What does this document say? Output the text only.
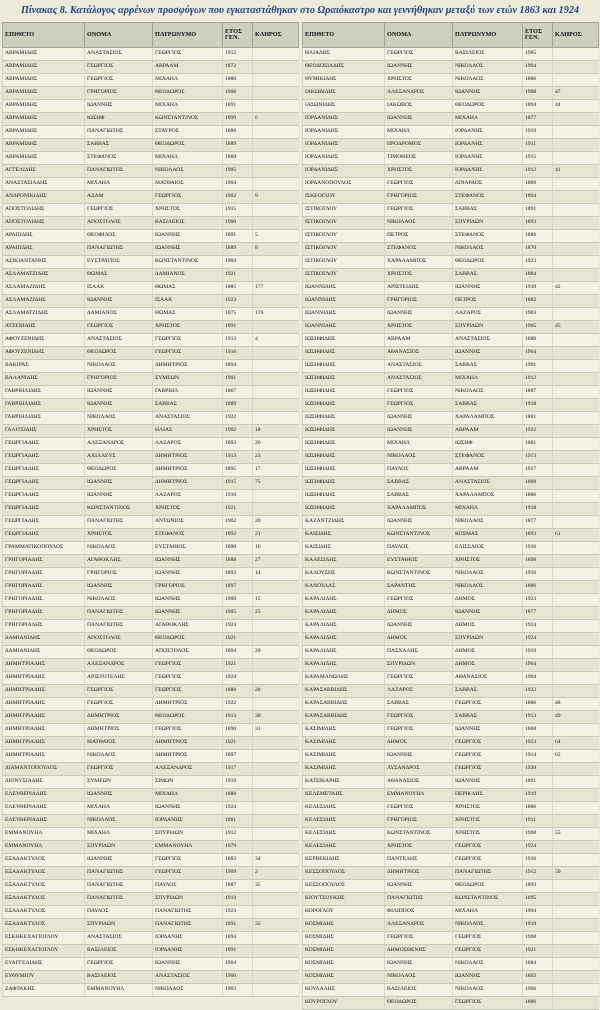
Πίνακας 8. Κατάλογος αρρένων προσφύγων που εγκαταστάθηκαν στο Ωραιόκαστρο και γεννήθηκαν μεταξύ των ετών 1863 και 1924
ΕΠΙΘΕΤΟ	ΟΝΟΜΑ	ΠΑΤΡΩΝΥΜΟ	ΕΤΟΣ ΓΕΝ.	ΚΛΗΡΟΣ
ΑΒΡΑΜΙΔΗΣ	ΑΝΑΣΤΑΣΙΟΣ	ΓΕΩΡΓΙΟΣ	1912	
ΑΒΡΑΜΙΔΗΣ	ΓΕΩΡΓΙΟΣ	ΑΒΡΑΑΜ	1872	
ΑΒΡΑΜΙΔΗΣ	ΓΕΩΡΓΙΟΣ	ΜΙΧΑΗΛ	1880	
ΑΒΡΑΜΙΔΗΣ	ΓΡΗΓΟΡΙΟΣ	ΘΕΟΔΩΡΟΣ	1906	
ΑΒΡΑΜΙΔΗΣ	ΙΩΑΝΝΗΣ	ΜΙΧΑΗΛ	1891	
ΑΒΡΑΜΙΔΗΣ	ΙΩΣΗΦ	ΚΩΝΣΤΑΝΤΙΝΟΣ	1899	6
ΑΒΡΑΜΙΔΗΣ	ΠΑΝΑΓΙΩΤΗΣ	ΣΤΑΥΡΟΣ	1886	
ΑΒΡΑΜΙΔΗΣ	ΣΑΒΒΑΣ	ΘΕΟΔΩΡΟΣ	1889	
ΑΒΡΑΜΙΔΗΣ	ΣΤΕΦΑΝΟΣ	ΜΙΧΑΗΛ	1869	
ΑΓΓΕΛΙΔΗΣ	ΠΑΝΑΓΙΩΤΗΣ	ΝΙΚΟΛΑΟΣ	1905	
ΑΝΑΣΤΑΣΙΑΔΗΣ	ΜΙΧΑΗΛ	ΜΑΤΘΑΙΟΣ	1904	
ΑΝΔΡΟΝΙΚΙΔΗΣ	ΑΔΑΜ	ΓΕΩΡΓΙΟΣ	1902	9
ΑΠΟΣΤΟΛΙΔΗΣ	ΓΕΩΡΓΙΟΣ	ΧΡΗΣΤΟΣ	1915	
ΑΠΟΣΤΟΛΙΔΗΣ	ΑΠΟΣΤΟΛΟΣ	ΒΑΣΙΛΕΙΟΣ	1900	
ΑΡΑΠΙΔΗΣ	ΘΕΟΦΙΛΟΣ	ΙΩΑΝΝΗΣ	1891	5
ΑΡΑΠΙΔΗΣ	ΠΑΝΑΓΙΩΤΗΣ	ΙΩΑΝΝΗΣ	1889	8
ΑΣΙΚΙΑΝΤΑΝΗΣ	ΕΥΣΤΡΑΤΙΟΣ	ΚΩΝΣΤΑΝΤΙΝΟΣ	1904	
ΑΣΛΑΜΑΤΖΙΔΗΣ	ΘΩΜΑΣ	ΔΑΜΙΑΝΟΣ	1921	
ΑΣΛΑΜΑΖΙΔΗΣ	ΙΣΑΑΚ	ΘΩΜΑΣ	1885	177
ΑΣΛΑΜΑΖΙΔΗΣ	ΙΩΑΝΝΗΣ	ΙΣΑΑΚ	1923	
ΑΣΛΑΜΑΤΖΙΔΗΣ	ΔΑΜΙΑΝΟΣ	ΘΩΜΑΣ	1875	176
ΑΤΖΕΝΙΔΗΣ	ΓΕΩΡΓΙΟΣ	ΧΡΗΣΤΟΣ	1891	
ΑΦΟΥΖΕΝΙΔΗΣ	ΑΝΑΣΤΑΣΙΟΣ	ΓΕΩΡΓΙΟΣ	1913	4
ΑΦΟΥΖΕΝΙΔΗΣ	ΘΕΟΔΩΡΟΣ	ΓΕΩΡΓΙΟΣ	1916	
ΒΑΚΙΡΑΣ	ΝΙΚΟΛΑΟΣ	ΔΗΜΗΤΡΙΟΣ	1894	
ΒΑΛΑΝΙΔΗΣ	ΓΡΗΓΟΡΙΟΣ	ΣΥΜΕΩΝ	1901	
ΓΑΒΡΙΗΛΙΔΗΣ	ΙΩΑΝΝΗΣ	ΓΑΒΡΙΗΛ	1867	
ΓΑΒΡΙΗΛΙΔΗΣ	ΙΩΑΝΝΗΣ	ΣΑΒΒΑΣ	1889	
ΓΑΒΡΙΗΛΙΔΗΣ	ΝΙΚΟΛΑΟΣ	ΑΝΑΣΤΑΣΙΟΣ	1922	
ΓΑΛΙΤΣΙΔΗΣ	ΧΡΗΣΤΟΣ	ΗΛΙΑΣ	1902	18
ΓΕΩΡΓΙΑΔΗΣ	ΑΛΕΞΑΝΔΡΟΣ	ΛΑΖΑΡΟΣ	1893	26
ΓΕΩΡΓΙΑΔΗΣ	ΑΧΙΛΛΕΥΣ	ΔΗΜΗΤΡΙΟΣ	1913	23
ΓΕΩΡΓΙΑΔΗΣ	ΘΕΟΔΩΡΟΣ	ΔΗΜΗΤΡΙΟΣ	1895	17
ΓΕΩΡΓΙΑΔΗΣ	ΙΩΑΝΝΗΣ	ΔΗΜΗΤΡΙΟΣ	1915	75
ΓΕΩΡΓΙΑΔΗΣ	ΙΩΑΝΝΗΣ	ΛΑΖΑΡΟΣ	1910	
ΓΕΩΡΓΙΑΔΗΣ	ΚΩΝΣΤΑΝΤΙΝΟΣ	ΧΡΗΣΤΟΣ	1921	
ΓΕΩΡΓΙΑΔΗΣ	ΠΑΝΑΓΙΩΤΗΣ	ΑΝΤΩΝΙΟΣ	1902	20
ΓΕΩΡΓΙΑΔΗΣ	ΧΡΗΣΤΟΣ	ΣΤΕΦΑΝΟΣ	1892	21
ΓΡΑΜΜΑΤΙΚΟΠΟΥΛΟΣ	ΝΙΚΟΛΑΟΣ	ΕΥΣΤΑΘΙΟΣ	1890	16
ΓΡΗΓΟΡΙΑΔΗΣ	ΑΓΑΘΟΚΛΗΣ	ΙΩΑΝΝΗΣ	1888	27
ΓΡΗΓΟΡΙΑΔΗΣ	ΓΡΗΓΟΡΙΟΣ	ΙΩΑΝΝΗΣ	1892	14
ΓΡΗΓΟΡΙΑΔΗΣ	ΙΩΑΝΝΗΣ	ΓΡΗΓΟΡΙΟΣ	1897	
ΓΡΗΓΟΡΙΑΔΗΣ	ΝΙΚΟΛΑΟΣ	ΙΩΑΝΝΗΣ	1909	15
ΓΡΗΓΟΡΙΑΔΗΣ	ΠΑΝΑΓΙΩΤΗΣ	ΙΩΑΝΝΗΣ	1905	25
ΓΡΗΓΟΡΙΑΔΗΣ	ΠΑΝΑΓΙΩΤΗΣ	ΑΓΑΘΟΚΛΗΣ	1924	
ΔΑΜΙΑΝΙΔΗΣ	ΑΠΟΣΤΟΛΟΣ	ΘΕΟΔΩΡΟΣ	1921	
ΔΑΜΙΑΝΙΔΗΣ	ΘΕΟΔΩΡΟΣ	ΑΠΟΣΤΟΛΟΣ	1894	29
ΔΗΜΗΤΡΙΑΔΗΣ	ΑΛΕΞΑΝΔΡΟΣ	ΓΕΩΡΓΙΟΣ	1921	
ΔΗΜΗΤΡΙΑΔΗΣ	ΑΡΙΣΤΟΤΕΛΗΣ	ΓΕΩΡΓΙΟΣ	1924	
ΔΗΜΗΤΡΙΑΔΗΣ	ΓΕΩΡΓΙΟΣ	ΓΕΩΡΓΙΟΣ	1888	28
ΔΗΜΗΤΡΙΑΔΗΣ	ΓΕΩΡΓΙΟΣ	ΔΗΜΗΤΡΙΟΣ	1922	
ΔΗΜΗΤΡΙΑΔΗΣ	ΔΗΜΗΤΡΙΟΣ	ΘΕΟΔΩΡΟΣ	1913	30
ΔΗΜΗΤΡΙΑΔΗΣ	ΔΗΜΗΤΡΙΟΣ	ΓΕΩΡΓΙΟΣ	1890	31
ΔΗΜΗΤΡΙΑΔΗΣ	ΜΑΤΘΑΙΟΣ	ΔΗΜΗΤΡΙΟΣ	1921	
ΔΗΜΗΤΡΙΑΔΗΣ	ΝΙΚΟΛΑΟΣ	ΔΗΜΗΤΡΙΟΣ	1897	
ΔΙΑΜΑΝΤΟΠΟΥΛΟΣ	ΓΕΩΡΓΙΟΣ	ΑΛΕΞΑΝΔΡΟΣ	1917	
ΔΙΟΝΥΣΙΑΔΗΣ	ΣΥΜΕΩΝ	ΣΙΜΩΝ	1919	
ΕΛΕΥΘΕΡΙΑΔΗΣ	ΙΩΑΝΝΗΣ	ΜΙΧΑΗΛ	1888	
ΕΛΕΥΘΕΡΙΑΔΗΣ	ΜΙΧΑΗΛ	ΙΩΑΝΝΗΣ	1924	
ΕΛΕΥΘΕΡΙΑΔΗΣ	ΝΙΚΟΛΑΟΣ	ΙΟΡΔΑΝΗΣ	1881	
ΕΜΜΑΝΟΥΗΛ	ΜΙΧΑΗΛ	ΣΠΥΡΙΔΩΝ	1912	
ΕΜΜΑΝΟΥΗΛ	ΣΠΥΡΙΔΩΝ	ΕΜΜΑΝΟΥΗΛ	1879	
ΕΞΑΔΑΚΤΥΛΟΣ	ΙΩΑΝΝΗΣ	ΓΕΩΡΓΙΟΣ	1883	34
ΕΞΑΔΑΚΤΥΛΟΣ	ΠΑΝΑΓΙΩΤΗΣ	ΓΕΩΡΓΙΟΣ	1909	2
ΕΞΑΔΑΚΤΥΛΟΣ	ΠΑΝΑΓΙΩΤΗΣ	ΠΑΥΛΟΣ	1887	35
ΕΞΑΔΑΚΤΥΛΟΣ	ΠΑΝΑΓΙΩΤΗΣ	ΣΠΥΡΙΔΩΝ	1919	
ΕΞΑΔΑΚΤΥΛΟΣ	ΠΑΥΛΟΣ	ΠΑΝΑΓΙΩΤΗΣ	1923	
ΕΞΑΔΑΚΤΥΛΟΣ	ΣΠΥΡΙΔΩΝ	ΠΑΝΑΓΙΩΤΗΣ	1891	33
ΕΣΚΗΚΕΧΑΓΙΟΓΛΟΥ	ΑΝΑΣΤΑΣΙΟΣ	ΙΟΡΔΑΝΗΣ	1894	
ΕΣΚΗΚΕΧΑΓΙΟΓΛΟΥ	ΒΑΣΙΛΕΙΟΣ	ΙΟΡΔΑΝΗΣ	1891	
ΕΥΑΓΓΕΛΙΔΗΣ	ΓΕΩΡΓΙΟΣ	ΙΩΑΝΝΗΣ	1904	
ΕΥΘΥΜΙΟΥ	ΒΑΣΙΛΕΙΟΣ	ΑΝΑΣΤΑΣΙΟΣ	1900	
ΖΑΦΤΑΚΗΣ	ΕΜΜΑΝΟΥΗΛ	ΝΙΚΟΛΑΟΣ	1903	
ΕΠΙΘΕΤΟ	ΟΝΟΜΑ	ΠΑΤΡΩΝΥΜΟ	ΕΤΟΣ ΓΕΝ.	ΚΛΗΡΟΣ
ΗΛΙΑΔΗΣ	ΓΕΩΡΓΙΟΣ	ΒΑΣΙΛΕΙΟΣ	1905	
ΘΕΟΔΟΣΙΑΔΗΣ	ΙΩΑΝΝΗΣ	ΝΙΚΟΛΑΟΣ	1904	
ΘΥΜΙΚΙΔΗΣ	ΧΡΗΣΤΟΣ	ΝΙΚΟΛΑΟΣ	1886	
ΙΑΚΩΒΙΔΗΣ	ΑΛΕΞΑΝΔΡΟΣ	ΙΩΑΝΝΗΣ	1908	47
ΙΑΣΩΝΙΔΗΣ	ΙΑΚΩΒΟΣ	ΘΕΟΔΩΡΟΣ	1894	44
ΙΟΡΔΑΝΙΔΗΣ	ΙΩΑΝΝΗΣ	ΜΙΧΑΗΛ	1877	
ΙΟΡΔΑΝΙΔΗΣ	ΜΙΧΑΗΛ	ΙΟΡΔΑΝΗΣ	1919	
ΙΟΡΔΑΝΙΔΗΣ	ΠΡΟΔΡΟΜΟΣ	ΙΟΡΔΑΝΗΣ	1911	
ΙΟΡΔΑΝΙΔΗΣ	ΤΙΜΟΘΕΟΣ	ΙΟΡΔΑΝΗΣ	1915	
ΙΟΡΔΑΝΙΔΗΣ	ΧΡΗΣΤΟΣ	ΙΟΡΔΑΝΗΣ	1912	41
ΙΟΡΔΑΝΟΠΟΥΛΟΣ	ΓΕΩΡΓΙΟΣ	ΔΙΝΑΡΔΟΣ	1889	
ΙΣΚΕΟΓΛΟΥ	ΓΡΗΓΟΡΙΟΣ	ΣΤΕΦΑΝΟΣ	1894	
ΙΣΤΙΚΟΓΛΟΥ	ΓΕΩΡΓΙΟΣ	ΣΑΒΒΑΣ	1891	
ΙΣΤΙΚΟΓΛΟΥ	ΝΙΚΟΛΑΟΣ	ΣΠΥΡΙΔΩΝ	1893	
ΙΣΤΙΚΟΓΛΟΥ	ΠΕΤΡΟΣ	ΣΤΕΦΑΝΟΣ	1886	
ΙΣΤΙΚΟΓΛΟΥ	ΣΤΕΦΑΝΟΣ	ΝΙΚΟΛΑΟΣ	1870	
ΙΣΤΙΚΟΓΛΟΥ	ΧΑΡΑΛΑΜΠΟΣ	ΘΕΟΔΩΡΟΣ	1923	
ΙΣΤΙΚΟΓΛΟΥ	ΧΡΗΣΤΟΣ	ΣΑΒΒΑΣ	1884	
ΙΩΑΝΝΙΔΗΣ	ΑΡΙΣΤΕΙΔΗΣ	ΙΩΑΝΝΗΣ	1910	42
ΙΩΑΝΝΙΔΗΣ	ΓΡΗΓΟΡΙΟΣ	ΠΕΤΡΟΣ	1882	
ΙΩΑΝΝΙΔΗΣ	ΙΩΑΝΝΗΣ	ΛΑΖΑΡΟΣ	1903	
ΙΩΑΝΝΙΔΗΣ	ΧΡΗΣΤΟΣ	ΣΠΥΡΙΔΩΝ	1905	45
ΙΩΣΗΦΙΔΗΣ	ΑΒΡΑΑΜ	ΑΝΑΣΤΑΣΙΟΣ	1880	
ΙΩΣΗΦΙΔΗΣ	ΑΘΑΝΑΣΙΟΣ	ΙΩΑΝΝΗΣ	1904	
ΙΩΣΗΦΙΔΗΣ	ΑΝΑΣΤΑΣΙΟΣ	ΣΑΒΒΑΣ	1901	
ΙΩΣΗΦΙΔΗΣ	ΑΝΑΣΤΑΣΙΟΣ	ΜΙΧΑΗΛ	1912	
ΙΩΣΗΦΙΔΗΣ	ΓΕΩΡΓΙΟΣ	ΝΙΚΟΛΑΟΣ	1887	
ΙΩΣΗΦΙΔΗΣ	ΓΕΩΡΓΙΟΣ	ΣΑΒΒΑΣ	1918	
ΙΩΣΗΦΙΔΗΣ	ΙΩΑΝΝΗΣ	ΧΑΡΑΛΑΜΠΟΣ	1881	
ΙΩΣΗΦΙΔΗΣ	ΙΩΑΝΝΗΣ	ΑΒΡΑΑΜ	1922	
ΙΩΣΗΦΙΔΗΣ	ΜΙΧΑΗΛ	ΙΩΣΗΦ	1881	
ΙΩΣΗΦΙΔΗΣ	ΝΙΚΟΛΑΟΣ	ΣΤΕΦΑΝΟΣ	1913	
ΙΩΣΗΦΙΔΗΣ	ΠΑΥΛΟΣ	ΑΒΡΑΑΜ	1917	
ΙΩΣΗΦΙΔΗΣ	ΣΑΒΒΑΣ	ΑΝΑΣΤΑΣΙΟΣ	1868	
ΙΩΣΗΦΙΔΗΣ	ΣΑΒΒΑΣ	ΧΑΡΑΛΑΜΠΟΣ	1886	
ΙΩΣΗΦΙΔΗΣ	ΧΑΡΑΛΑΜΠΟΣ	ΜΙΧΑΗΛ	1918	
ΚΑΖΑΝΤΖΙΔΗΣ	ΙΩΑΝΝΗΣ	ΝΙΚΟΛΑΟΣ	1877	
ΚΑΙΣΙΔΗΣ	ΚΩΝΣΤΑΝΤΙΝΟΣ	ΚΟΣΜΑΣ	1893	61
ΚΑΙΣΙΔΗΣ	ΠΑΥΛΟΣ	ΕΛΙΣΣΑΙΟΣ	1916	
ΚΑΛΕΣΙΔΗΣ	ΕΥΣΤΑΘΙΟΣ	ΧΡΗΣΤΟΣ	1898	
ΚΑΛΟΥΣΗΣ	ΚΩΝΣΤΑΝΤΙΝΟΣ	ΝΙΚΟΛΑΟΣ	1916	
ΚΑΝΟΥΛΑΣ	ΣΑΡΑΝΤΗΣ	ΝΙΚΟΛΑΟΣ	1886	
ΚΑΡΑΛΙΔΗΣ	ΓΕΩΡΓΙΟΣ	ΔΗΜΟΣ	1923	
ΚΑΡΑΛΙΔΗΣ	ΔΗΜΟΣ	ΙΩΑΝΝΗΣ	1877	
ΚΑΡΑΛΙΔΗΣ	ΙΩΑΝΝΗΣ	ΔΗΜΟΣ	1924	
ΚΑΡΑΛΙΔΗΣ	ΔΗΜΟΣ	ΣΠΥΡΙΔΩΝ	1924	
ΚΑΡΑΛΙΔΗΣ	ΠΑΣΧΑΛΗΣ	ΔΗΜΟΣ	1919	
ΚΑΡΑΛΙΔΗΣ	ΣΠΥΡΙΔΩΝ	ΔΗΜΟΣ	1904	
ΚΑΡΑΜΑΝΩΛΗΣ	ΓΕΩΡΓΙΟΣ	ΑΘΑΝΑΣΙΟΣ	1904	
ΚΑΡΑΣΑΒΒΙΔΗΣ	ΛΑΖΑΡΟΣ	ΣΑΒΒΑΣ	1922	
ΚΑΡΑΣΑΒΒΙΔΗΣ	ΣΑΒΒΑΣ	ΓΕΩΡΓΙΟΣ	1886	48
ΚΑΡΑΣΑΒΒΙΔΗΣ	ΓΕΩΡΓΙΟΣ	ΣΑΒΒΑΣ	1913	49
ΚΑΣΙΜΙΔΗΣ	ΓΕΩΡΓΙΟΣ	ΙΩΑΝΝΗΣ	1868	
ΚΑΣΙΜΙΔΗΣ	ΔΗΜΟΣ	ΓΕΩΡΓΙΟΣ	1923	64
ΚΑΣΙΜΙΔΗΣ	ΙΩΑΝΝΗΣ	ΓΕΩΡΓΙΟΣ	1914	62
ΚΑΣΙΜΙΔΗΣ	ΛΥΣΑΝΔΡΟΣ	ΓΕΩΡΓΙΟΣ	1920	
ΚΑΤΣΙΚΑΡΗΣ	ΑΘΑΝΑΣΙΟΣ	ΙΩΑΝΝΗΣ	1891	
ΚΕΛΕΜΕΤΑΗΣ	ΕΜΜΑΝΟΥΗΛ	ΠΕΡΙΚΛΗΣ	1919	
ΚΕΛΕΣΙΔΗΣ	ΓΕΩΡΓΙΟΣ	ΧΡΗΣΤΟΣ	1886	
ΚΕΛΕΣΙΔΗΣ	ΓΡΗΓΟΡΙΟΣ	ΧΡΗΣΤΟΣ	1911	
ΚΕΛΕΣΙΔΗΣ	ΚΩΝΣΤΑΝΤΙΝΟΣ	ΧΡΗΣΤΟΣ	1908	55
ΚΕΛΕΣΙΔΗΣ	ΧΡΗΣΤΟΣ	ΓΕΩΡΓΙΟΣ	1924	
ΚΕΡΒΕΚΙΔΗΣ	ΠΑΝΤΕΛΗΣ	ΓΕΩΡΓΙΟΣ	1916	
ΚΕΣΣΟΠΟΥΛΟΣ	ΔΗΜΗΤΡΙΟΣ	ΠΑΝΑΓΙΩΤΗΣ	1912	50
ΚΕΣΣΟΠΟΥΛΟΣ	ΙΩΑΝΝΗΣ	ΘΕΟΔΩΡΟΣ	1893	
ΚΙΟΥΤΣΟΥΚΗΣ	ΠΑΝΑΓΙΩΤΗΣ	ΚΩΝΣΤΑΝΤΙΝΟΣ	1895	
ΚΟΡΟΓΛΟΥ	ΦΙΛΙΠΠΟΣ	ΜΙΧΑΗΛ	1904	
ΚΟΣΜΙΔΗΣ	ΑΛΕΞΑΝΔΡΟΣ	ΝΙΚΟΛΑΟΣ	1919	
ΚΟΣΜΙΔΗΣ	ΓΕΩΡΓΙΟΣ	ΓΕΩΡΓΙΟΣ	1908	
ΚΟΣΜΙΔΗΣ	ΔΗΜΟΣΘΕΝΗΣ	ΓΕΩΡΓΙΟΣ	1921	
ΚΟΣΜΙΔΗΣ	ΙΩΑΝΝΗΣ	ΝΙΚΟΛΑΟΣ	1884	
ΚΟΣΜΙΔΗΣ	ΝΙΚΟΛΑΟΣ	ΙΩΑΝΝΗΣ	1892	
ΚΟΥΛΑΛΗΣ	ΒΑΣΙΛΕΙΟΣ	ΝΙΚΟΛΑΟΣ	1906	
ΚΟΥΡΟΓΛΟΥ	ΘΕΟΔΩΡΟΣ	ΓΕΩΡΓΙΟΣ	1886	
